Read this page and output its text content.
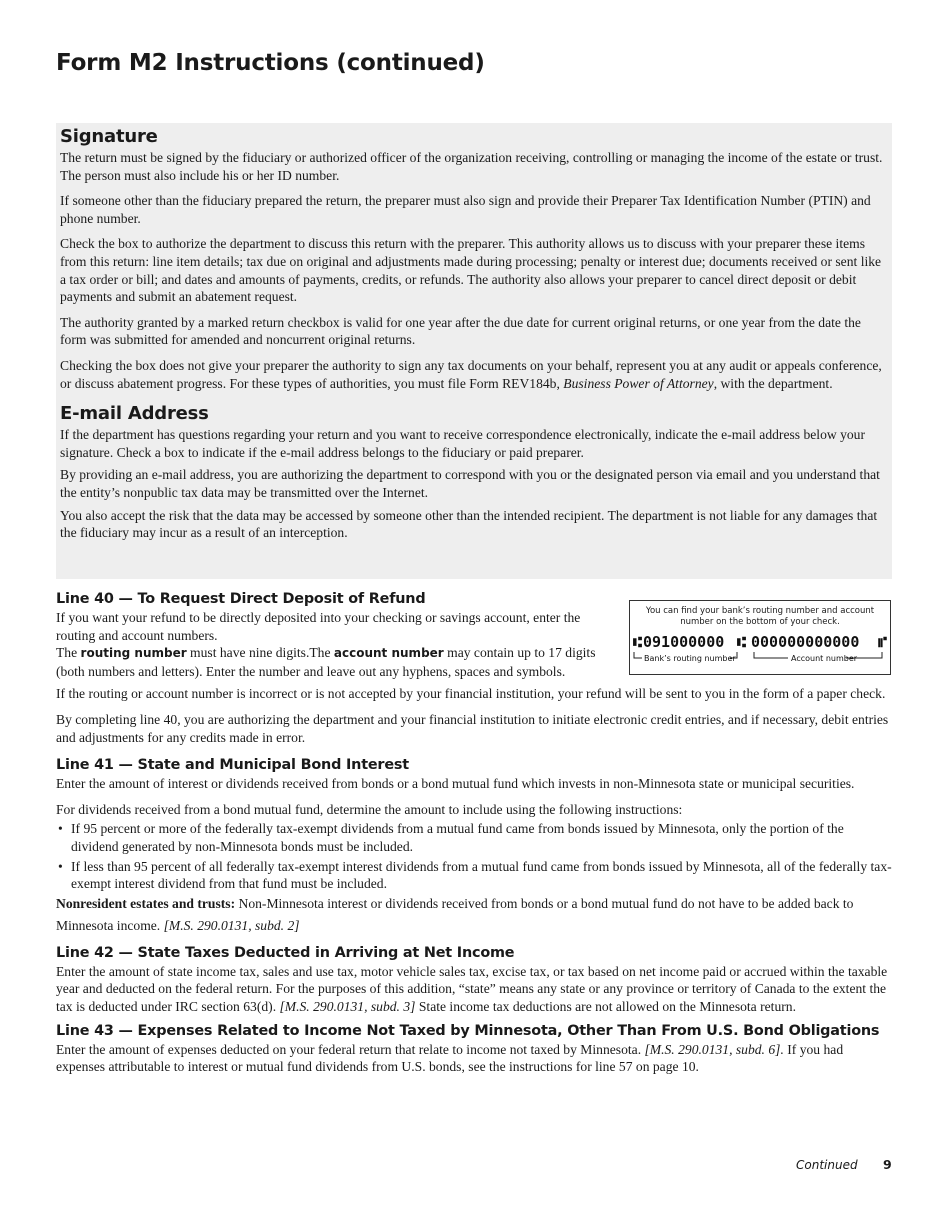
Form M2 Instructions (continued)
Signature

The return must be signed by the fiduciary or authorized officer of the organization receiving, controlling or managing the income of the estate or trust. The person must also include his or her ID number.

If someone other than the fiduciary prepared the return, the preparer must also sign and provide their Preparer Tax Identification Number (PTIN) and phone number.

Check the box to authorize the department to discuss this return with the preparer. This authority allows us to discuss with your preparer these items from this return: line item details; tax due on original and adjustments made during processing; penalty or interest due; documents received or sent like a tax order or bill; and dates and amounts of payments, credits, or refunds. The authority also allows your preparer to cancel direct deposit or debit payments and submit an abatement request.

The authority granted by a marked return checkbox is valid for one year after the due date for current original returns, or one year from the date the form was submitted for amended and noncurrent original returns.

Checking the box does not give your preparer the authority to sign any tax documents on your behalf, represent you at any audit or appeals conference, or discuss abatement progress. For these types of authorities, you must file Form REV184b, Business Power of Attorney, with the department.

E-mail Address

If the department has questions regarding your return and you want to receive correspondence electronically, indicate the e-mail address below your signature. Check a box to indicate if the e-mail address belongs to the fiduciary or paid preparer.

By providing an e-mail address, you are authorizing the department to correspond with you or the designated person via email and you understand that the entity’s nonpublic tax data may be transmitted over the Internet.

You also accept the risk that the data may be accessed by someone other than the intended recipient. The department is not liable for any damages that the fiduciary may incur as a result of an interception.

Line 40 — To Request Direct Deposit of Refund

If you want your refund to be directly deposited into your checking or savings account, enter the routing and account numbers.

The routing number must have nine digits.The account number may contain up to 17 digits (both numbers and letters). Enter the number and leave out any hyphens, spaces and symbols.

You can find your bank’s routing number and account number on the bottom of your check.
⑆ 091000000 ⑆ 000000000000 ⑈
Bank’s routing number	Account number

If the routing or account number is incorrect or is not accepted by your financial institution, your refund will be sent to you in the form of a paper check.

By completing line 40, you are authorizing the department and your financial institution to initiate electronic credit entries, and if necessary, debit entries and adjustments for any credits made in error.

Line 41 — State and Municipal Bond Interest

Enter the amount of interest or dividends received from bonds or a bond mutual fund which invests in non-Minnesota state or municipal securities.

For dividends received from a bond mutual fund, determine the amount to include using the following instructions:

• If 95 percent or more of the federally tax-exempt dividends from a mutual fund came from bonds issued by Minnesota, only the portion of the dividend generated by non-Minnesota bonds must be included.
• If less than 95 percent of all federally tax-exempt interest dividends from a mutual fund came from bonds issued by Minnesota, all of the federally tax-exempt interest dividend from that fund must be included.

Nonresident estates and trusts: Non-Minnesota interest or dividends received from bonds or a bond mutual fund do not have to be added back to Minnesota income. [M.S. 290.0131, subd. 2]

Line 42 — State Taxes Deducted in Arriving at Net Income

Enter the amount of state income tax, sales and use tax, motor vehicle sales tax, excise tax, or tax based on net income paid or accrued within the taxable year and deducted on the federal return. For the purposes of this addition, “state” means any state or any province or territory of Canada to the extent the tax is deducted under IRC section 63(d). [M.S. 290.0131, subd. 3] State income tax deductions are not allowed on the Minnesota return.

Line 43 — Expenses Related to Income Not Taxed by Minnesota, Other Than From U.S. Bond Obligations

Enter the amount of expenses deducted on your federal return that relate to income not taxed by Minnesota. [M.S. 290.0131, subd. 6]. If you had expenses attributable to interest or mutual fund dividends from U.S. bonds, see the instructions for line 57 on page 10.

Continued 9
